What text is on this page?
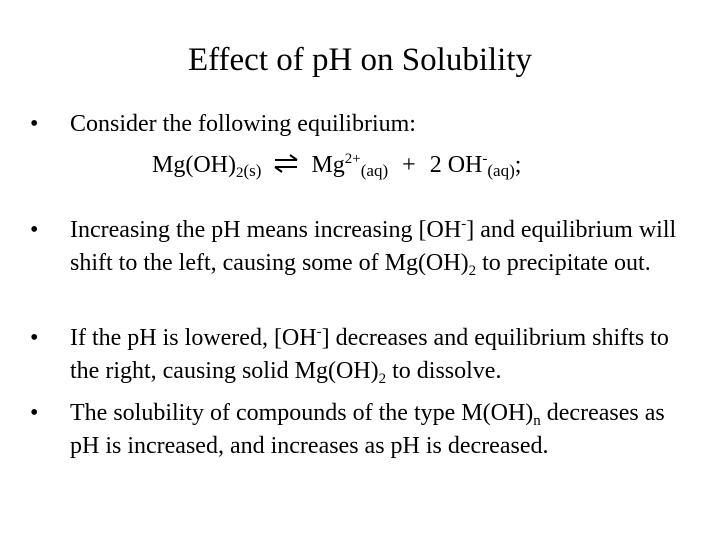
Effect of pH on Solubility
•	Consider the following equilibrium:
$Mg(OH)_2(s)$ ⇌ $Mg^{2+}(aq) + 2$ OH-(aq);
•	Increasing the pH means increasing [OH-] and equilibrium will shift to the left, causing some of $Mg(OH)_2$ to precipitate out.
•	If the pH is lowered, [OH-] decreases and equilibrium shifts to the right, causing solid $Mg(OH)_2$ to dissolve.
•	The solubility of compounds of the type $M(OH)_n$ decreases as pH is increased, and increases as pH is decreased.
